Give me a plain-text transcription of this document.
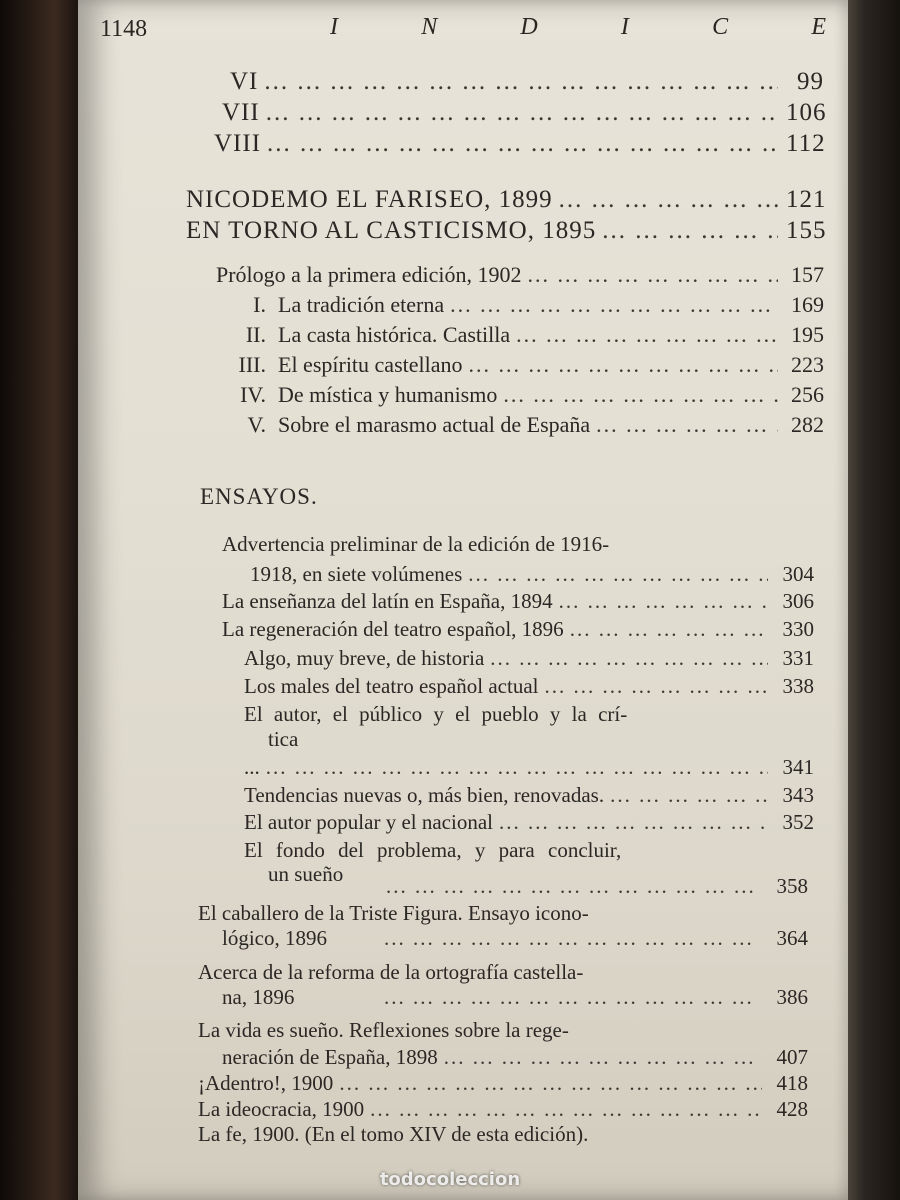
1148	I	N	D	I	C	E
VI ... .	99
VII ... .	106
VIII ... .	112
NICODEMO EL FARISEO, 1899 ... .	121
EN TORNO AL CASTICISMO, 1895 ... .	155
Prólogo a la primera edición, 1902 ... .	157
I. La tradición eterna ... .	169
II. La casta histórica. Castilla ... .	195
III. El espíritu castellano ... .	223
IV. De mística y humanismo ... .	256
V. Sobre el marasmo actual de España ... .	282
ENSAYOS.
Advertencia preliminar de la edición de 1916-
1918, en siete volúmenes ... .	304
La enseñanza del latín en España, 1894 ... .	306
La regeneración del teatro español, 1896 ... .	330
Algo, muy breve, de historia ... .	331
Los males del teatro español actual ... .	338
El autor, el público y el pueblo y la crí-
tica
... ... .	341
Tendencias nuevas o, más bien, renovadas. ... .	343
El autor popular y el nacional ... .	352
El fondo del problema, y para concluir,
un sueño ... .	358
El caballero de la Triste Figura. Ensayo icono-
lógico, 1896 ... .	364
Acerca de la reforma de la ortografía castella-
na, 1896 ... .	386
La vida es sueño. Reflexiones sobre la rege-
neración de España, 1898 ... .	407
¡Adentro!, 1900 ... .	418
La ideocracia, 1900 ... .	428
La fe, 1900. (En el tomo XIV de esta edición).
todocoleccion
